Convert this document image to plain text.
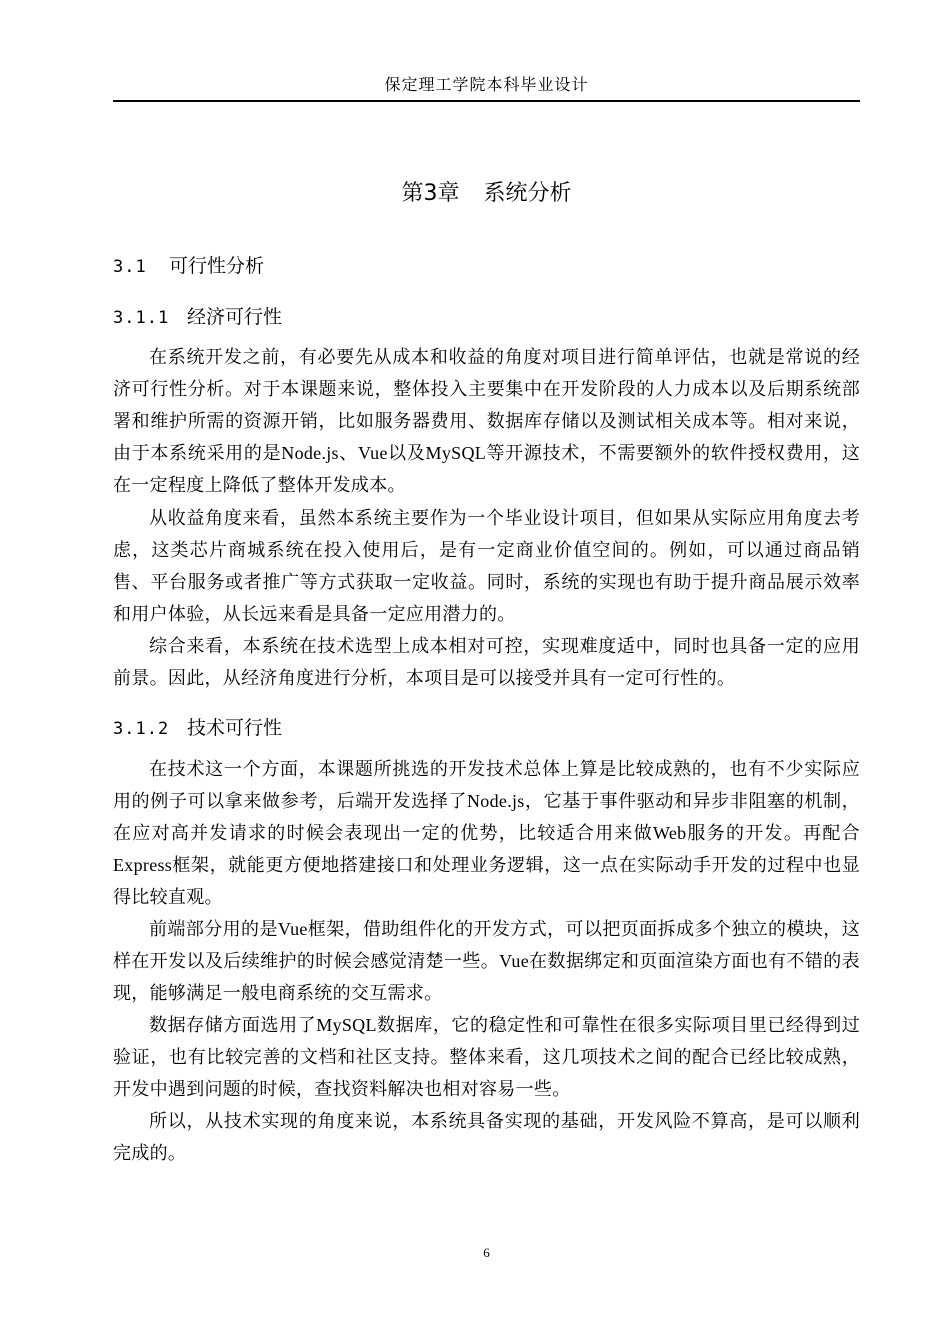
保定理工学院本科毕业设计
第3章 系统分析
3.1 可行性分析
3.1.1 经济可行性

在系统开发之前，有必要先从成本和收益的角度对项目进行简单评估，也就是常说的经济可行性分析。对于本课题来说，整体投入主要集中在开发阶段的人力成本以及后期系统部署和维护所需的资源开销，比如服务器费用、数据库存储以及测试相关成本等。相对来说，由于本系统采用的是Node.js、Vue以及MySQL等开源技术，不需要额外的软件授权费用，这在一定程度上降低了整体开发成本。

从收益角度来看，虽然本系统主要作为一个毕业设计项目，但如果从实际应用角度去考虑，这类芯片商城系统在投入使用后，是有一定商业价值空间的。例如，可以通过商品销售、平台服务或者推广等方式获取一定收益。同时，系统的实现也有助于提升商品展示效率和用户体验，从长远来看是具备一定应用潜力的。

综合来看，本系统在技术选型上成本相对可控，实现难度适中，同时也具备一定的应用前景。因此，从经济角度进行分析，本项目是可以接受并具有一定可行性的。

3.1.2 技术可行性

在技术这一个方面，本课题所挑选的开发技术总体上算是比较成熟的，也有不少实际应用的例子可以拿来做参考，后端开发选择了Node.js，它基于事件驱动和异步非阻塞的机制，在应对高并发请求的时候会表现出一定的优势，比较适合用来做Web服务的开发。再配合Express框架，就能更方便地搭建接口和处理业务逻辑，这一点在实际动手开发的过程中也显得比较直观。

前端部分用的是Vue框架，借助组件化的开发方式，可以把页面拆成多个独立的模块，这样在开发以及后续维护的时候会感觉清楚一些。Vue在数据绑定和页面渲染方面也有不错的表现，能够满足一般电商系统的交互需求。

数据存储方面选用了MySQL数据库，它的稳定性和可靠性在很多实际项目里已经得到过验证，也有比较完善的文档和社区支持。整体来看，这几项技术之间的配合已经比较成熟，开发中遇到问题的时候，查找资料解决也相对容易一些。

所以，从技术实现的角度来说，本系统具备实现的基础，开发风险不算高，是可以顺利完成的。

6
